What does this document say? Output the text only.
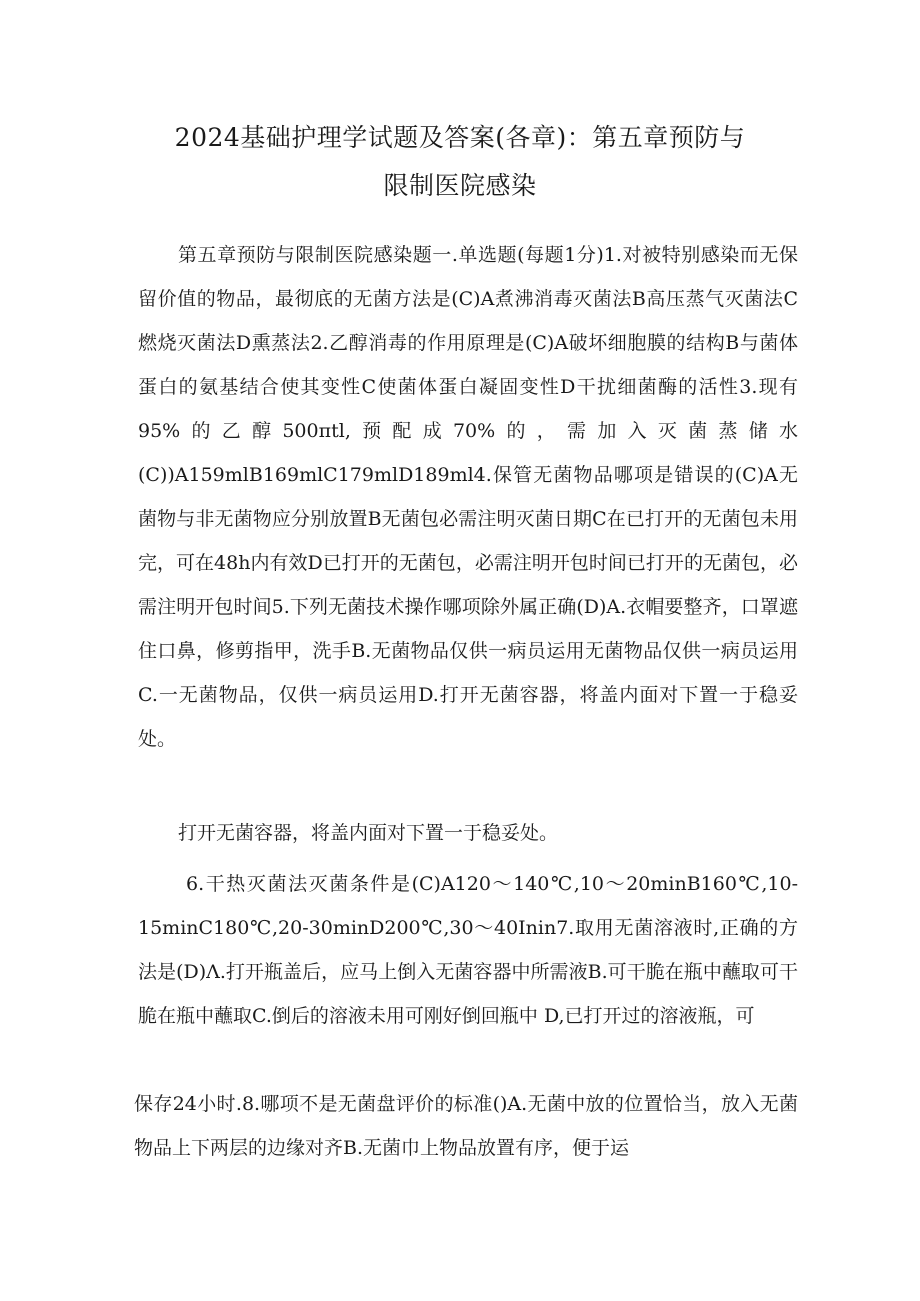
2024基础护理学试题及答案(各章)：第五章预防与
限制医院感染

第五章预防与限制医院感染题一.单选题(每题1分)1.对被特别感染而无保留价值的物品，最彻底的无菌方法是(C)A煮沸消毒灭菌法B高压蒸气灭菌法C燃烧灭菌法D熏蒸法2.乙醇消毒的作用原理是(C)A破坏细胞膜的结构B与菌体蛋白的氨基结合使其变性C使菌体蛋白凝固变性D干扰细菌酶的活性3.现有95%的乙醇500πtl,预配成70%的，需加入灭菌蒸储水(C))A159mlB169mlC179mlD189ml4.保管无菌物品哪项是错误的(C)A无菌物与非无菌物应分别放置B无菌包必需注明灭菌日期C在已打开的无菌包未用完，可在48h内有效D已打开的无菌包，必需注明开包时间已打开的无菌包，必需注明开包时间5.下列无菌技术操作哪项除外属正确(D)A.衣帽要整齐，口罩遮住口鼻，修剪指甲，洗手B.无菌物品仅供一病员运用无菌物品仅供一病员运用C.一无菌物品，仅供一病员运用D.打开无菌容器，将盖内面对下置一于稳妥处。

打开无菌容器，将盖内面对下置一于稳妥处。

6.干热灭菌法灭菌条件是(C)A120～140℃,10～20minB160℃,10-15minC180℃,20-30minD200℃,30～40Inin7.取用无菌溶液时,正确的方法是(D)Λ.打开瓶盖后，应马上倒入无菌容器中所需液B.可干脆在瓶中蘸取可干脆在瓶中蘸取C.倒后的溶液未用可刚好倒回瓶中 D,已打开过的溶液瓶，可

保存24小时.8.哪项不是无菌盘评价的标准()A.无菌中放的位置恰当，放入无菌物品上下两层的边缘对齐B.无菌巾上物品放置有序，便于运
